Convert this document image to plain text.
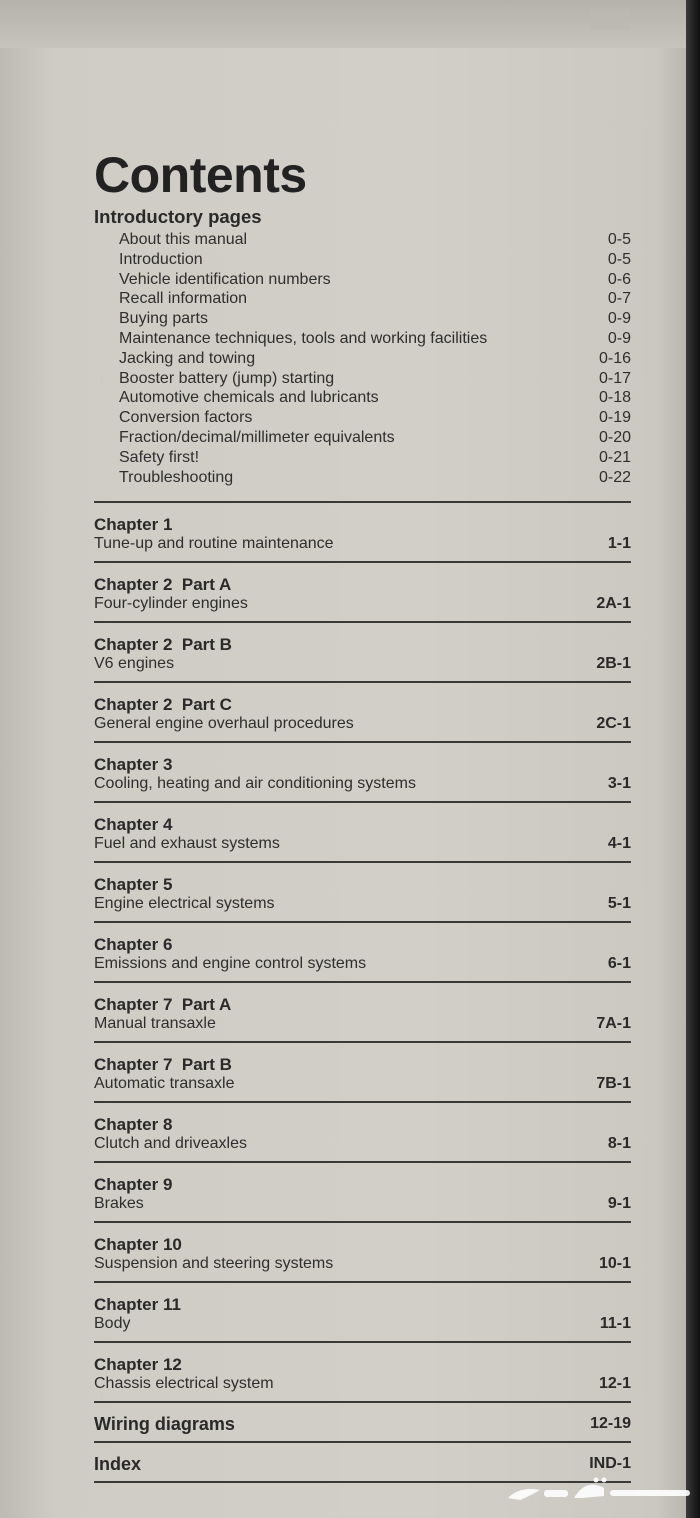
Contents
Introductory pages
About this manual	0-5
Introduction	0-5
Vehicle identification numbers	0-6
Recall information	0-7
Buying parts	0-9
Maintenance techniques, tools and working facilities	0-9
Jacking and towing	0-16
Booster battery (jump) starting	0-17
Automotive chemicals and lubricants	0-18
Conversion factors	0-19
Fraction/decimal/millimeter equivalents	0-20
Safety first!	0-21
Troubleshooting	0-22
Chapter 1
Tune-up and routine maintenance	1-1
Chapter 2  Part A
Four-cylinder engines	2A-1
Chapter 2  Part B
V6 engines	2B-1
Chapter 2  Part C
General engine overhaul procedures	2C-1
Chapter 3
Cooling, heating and air conditioning systems	3-1
Chapter 4
Fuel and exhaust systems	4-1
Chapter 5
Engine electrical systems	5-1
Chapter 6
Emissions and engine control systems	6-1
Chapter 7  Part A
Manual transaxle	7A-1
Chapter 7  Part B
Automatic transaxle	7B-1
Chapter 8
Clutch and driveaxles	8-1
Chapter 9
Brakes	9-1
Chapter 10
Suspension and steering systems	10-1
Chapter 11
Body	11-1
Chapter 12
Chassis electrical system	12-1
Wiring diagrams	12-19
Index	IND-1
